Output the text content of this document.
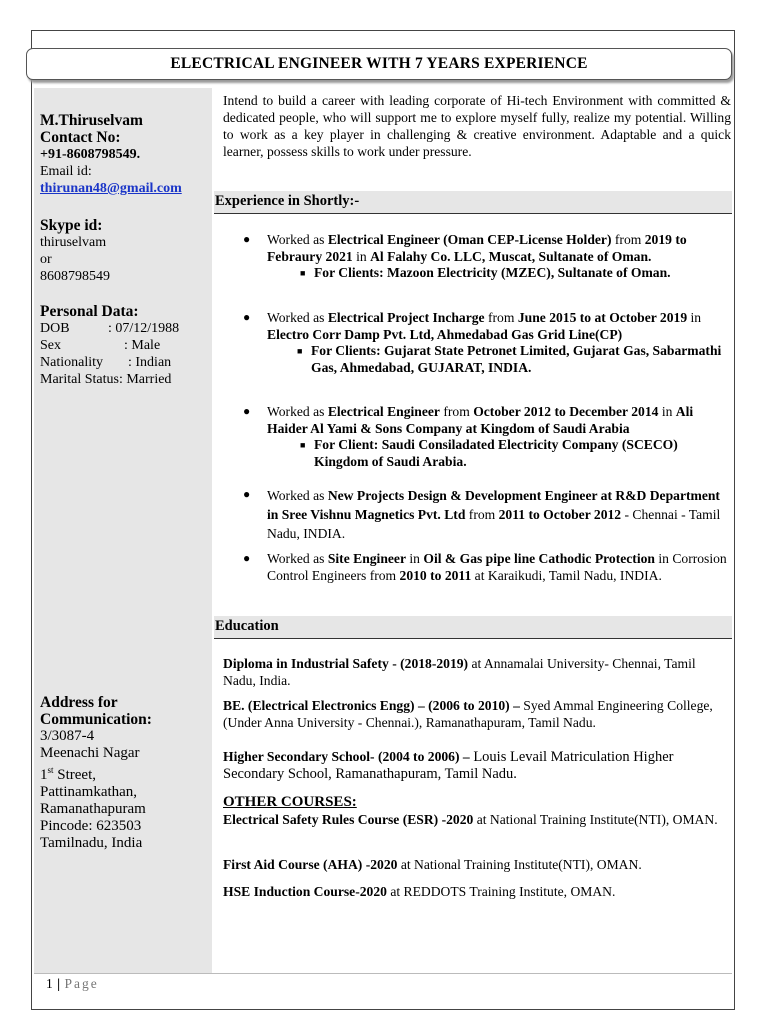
ELECTRICAL ENGINEER WITH 7 YEARS EXPERIENCE
M.Thiruselvam
Contact No:
+91-8608798549.
Email id:
thirunan48@gmail.com
Skype id:
thiruselvam
or
8608798549
Personal Data:
DOB	: 07/12/1988
Sex	: Male
Nationality	: Indian
Marital Status : Married
Address for
Communication:
3/3087-4
Meenachi Nagar
1st Street,
Pattinamkathan,
Ramanathapuram
Pincode: 623503
Tamilnadu, India
Intend to build a career with leading corporate of Hi-tech Environment with committed & dedicated people, who will support me to explore myself fully, realize my potential. Willing to work as a key player in challenging & creative environment. Adaptable and a quick learner, possess skills to work under pressure.
Experience in Shortly:-
● Worked as Electrical Engineer (Oman CEP-License Holder) from 2019 to Febraury 2021 in Al Falahy Co. LLC, Muscat, Sultanate of Oman.
■ For Clients: Mazoon Electricity (MZEC), Sultanate of Oman.
● Worked as Electrical Project Incharge from June 2015 to at October 2019 in Electro Corr Damp Pvt. Ltd, Ahmedabad Gas Grid Line(CP)
■ For Clients: Gujarat State Petronet Limited, Gujarat Gas, Sabarmathi Gas, Ahmedabad, GUJARAT, INDIA.
● Worked as Electrical Engineer from October 2012 to December 2014 in Ali Haider Al Yami & Sons Company at Kingdom of Saudi Arabia
■ For Client: Saudi Consiladated Electricity Company (SCECO) Kingdom of Saudi Arabia.
● Worked as New Projects Design & Development Engineer at R&D Department in Sree Vishnu Magnetics Pvt. Ltd from 2011 to October 2012 - Chennai - Tamil Nadu, INDIA.
● Worked as Site Engineer in Oil & Gas pipe line Cathodic Protection in Corrosion Control Engineers from 2010 to 2011 at Karaikudi, Tamil Nadu, INDIA.
Education
Diploma in Industrial Safety - (2018-2019) at Annamalai University- Chennai, Tamil Nadu, India.
BE. (Electrical Electronics Engg) – (2006 to 2010) – Syed Ammal Engineering College, (Under Anna University - Chennai.), Ramanathapuram, Tamil Nadu.
Higher Secondary School- (2004 to 2006) – Louis Levail Matriculation Higher Secondary School, Ramanathapuram, Tamil Nadu.
OTHER COURSES:
Electrical Safety Rules Course (ESR) -2020 at National Training Institute(NTI), OMAN.
First Aid Course (AHA) -2020 at National Training Institute(NTI), OMAN.
HSE Induction Course-2020 at REDDOTS Training Institute, OMAN.
1 | Page
